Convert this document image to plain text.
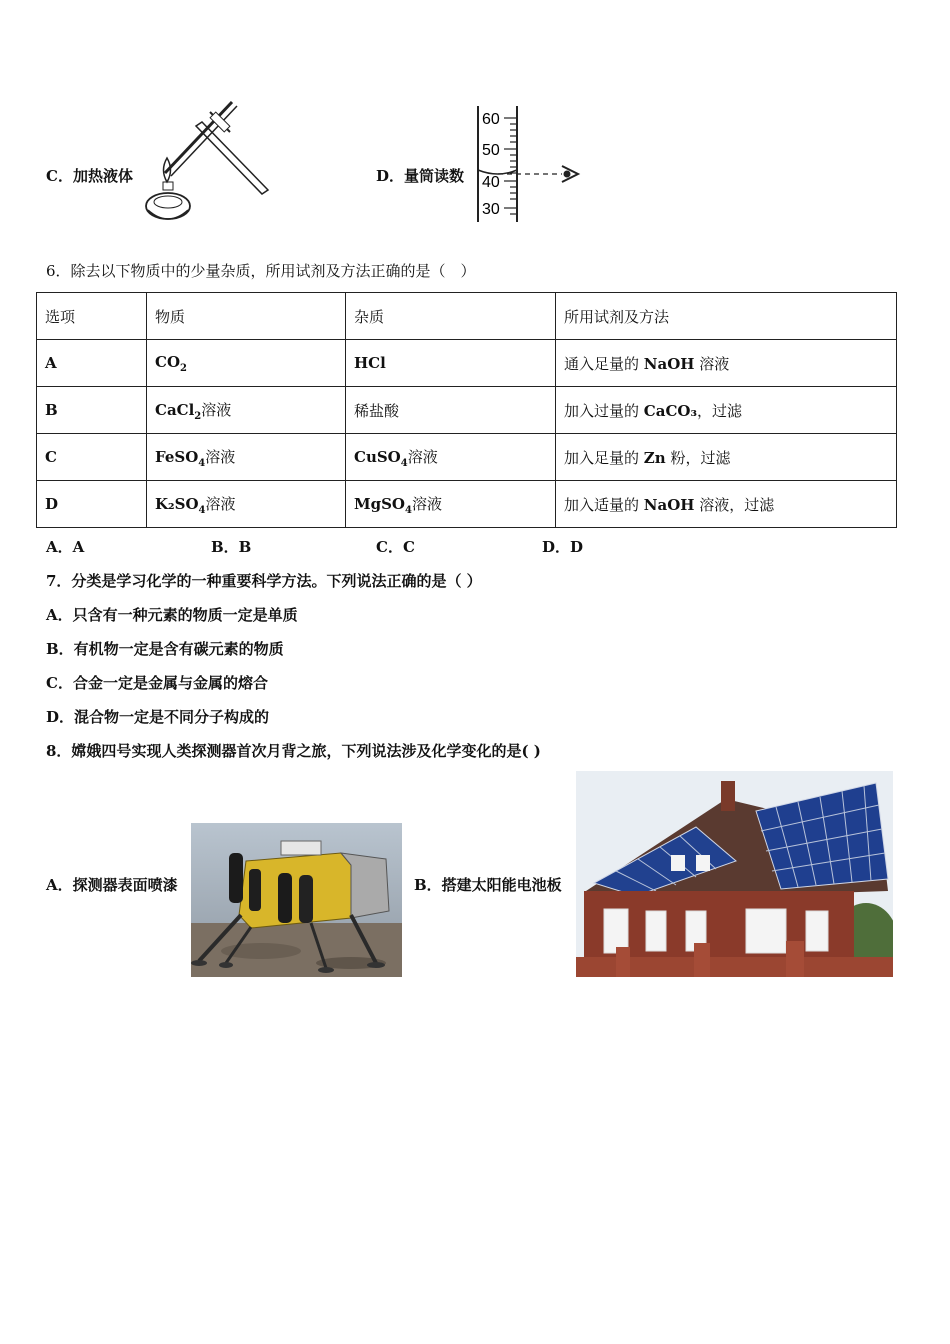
C．加热液体	D．量筒读数
60
50
40
30
6．除去以下物质中的少量杂质，所用试剂及方法正确的是（　）
选项	物质	杂质	所用试剂及方法
A	$CO_2$	HCl	通入足量的 NaOH 溶液
B	CaCl$_2$溶液	稀盐酸	加入过量的 CaCO₃，过滤
C	FeSO$_4$溶液	CuSO$_4$溶液	加入足量的 Zn 粉，过滤
D	$K_2SO_4$溶液	MgSO$_4$溶液	加入适量的 NaOH 溶液，过滤
A．A	B．B	C．C	D．D
7．分类是学习化学的一种重要科学方法。下列说法正确的是（ ）
A．只含有一种元素的物质一定是单质
B．有机物一定是含有碳元素的物质
C．合金一定是金属与金属的熔合
D．混合物一定是不同分子构成的
8．嫦娥四号实现人类探测器首次月背之旅，下列说法涉及化学变化的是( )
A．探测器表面喷漆	B．搭建太阳能电池板
